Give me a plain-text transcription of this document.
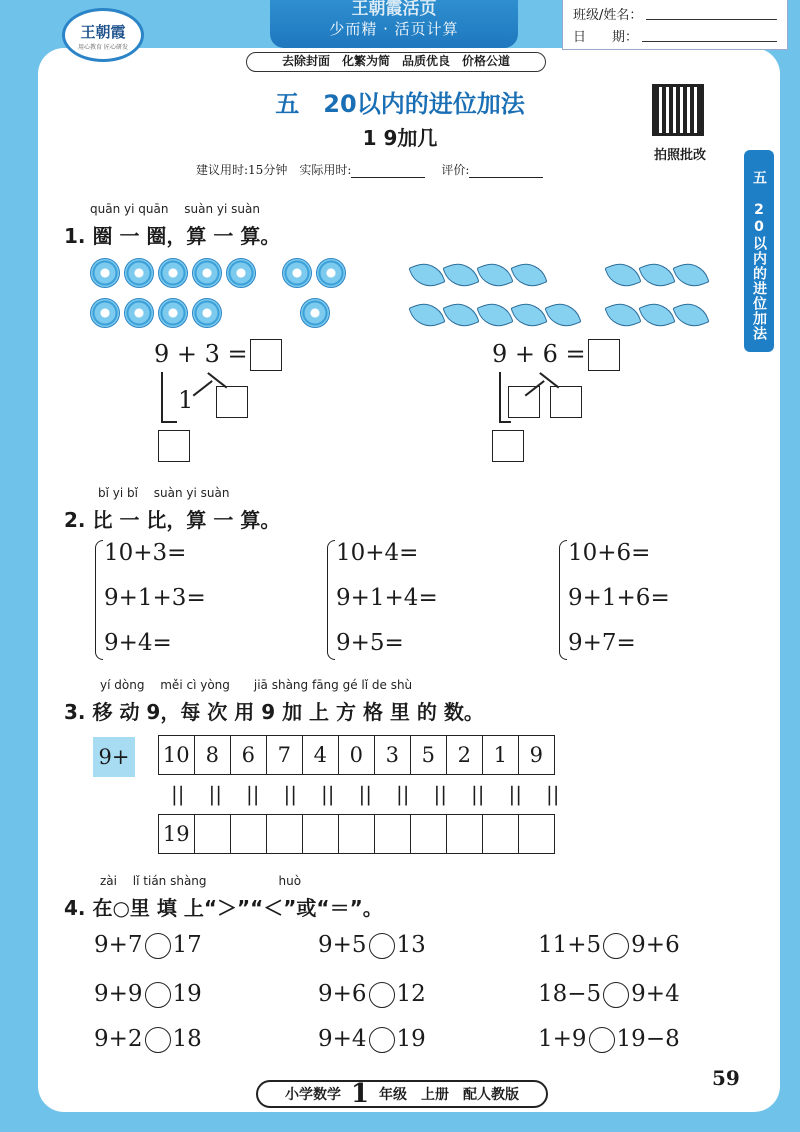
王朝霞活页
少而精 · 活页计算
王朝霞
用心教育 匠心研发
班级/姓名：
日　　期：
去除封面　化繁为简　品质优良　价格公道
五　20以内的进位加法
1 9加几
拍照批改
建议用时:15分钟 实际用时:	评价:	五 20以内的进位加法
quān yi quān　 suàn yi suàn
1. 圈 一 圈，算 一 算。
9 + 3 =
1
9 + 6 =
bǐ yi bǐ　 suàn yi suàn
2. 比 一 比，算 一 算。
10+3=
9+1+3=
9+4=
10+4=
9+1+4=
9+5=
10+6=
9+1+6=
9+7=
yí dòng　 měi cì yòng　　jiā shàng fāng gé lǐ de shù
3. 移 动 9，每 次 用 9 加 上 方 格 里 的 数。
9+ 10 8	6	7	4	0	3	5	2	1	9
||	||	||	||	||	||	||	||	||	||	||
19
zài　 lǐ tián shàng　　　　　　huò
4. 在○里 填 上“＞”“＜”或“＝”。
9+7 17	9+5 13	11+5 9+6
9+9 19	9+6 12	18−5 9+4
9+2 18	9+4 19	1+9 19−8
59
小学数学 1 年级　上册　配人教版
